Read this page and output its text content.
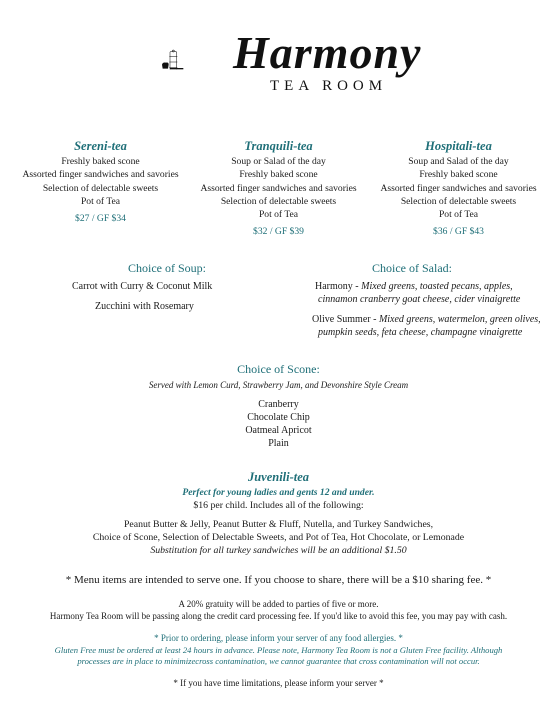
Harmony
TEA ROOM
Sereni-tea
Freshly baked scone
Assorted finger sandwiches and savories
Selection of delectable sweets
Pot of Tea
$27 / GF $34
Tranquili-tea
Soup or Salad of the day
Freshly baked scone
Assorted finger sandwiches and savories
Selection of delectable sweets
Pot of Tea
$32 / GF $39
Hospitali-tea
Soup and Salad of the day
Freshly baked scone
Assorted finger sandwiches and savories
Selection of delectable sweets
Pot of Tea
$36 / GF $43
Choice of Soup:
Carrot with Curry & Coconut Milk
Zucchini with Rosemary
Choice of Salad:
Harmony - Mixed greens, toasted pecans, apples,
cinnamon cranberry goat cheese, cider vinaigrette
Olive Summer - Mixed greens, watermelon, green olives,
pumpkin seeds, feta cheese, champagne vinaigrette
Choice of Scone:
Served with Lemon Curd, Strawberry Jam, and Devonshire Style Cream
Cranberry
Chocolate Chip
Oatmeal Apricot
Plain
Juvenili-tea
Perfect for young ladies and gents 12 and under.
$16 per child. Includes all of the following:
Peanut Butter & Jelly, Peanut Butter & Fluff, Nutella, and Turkey Sandwiches,
Choice of Scone, Selection of Delectable Sweets, and Pot of Tea, Hot Chocolate, or Lemonade
Substitution for all turkey sandwiches will be an additional $1.50
* Menu items are intended to serve one. If you choose to share, there will be a $10 sharing fee. *
A 20% gratuity will be added to parties of five or more.
Harmony Tea Room will be passing along the credit card processing fee. If you'd like to avoid this fee, you may pay with cash.
* Prior to ordering, please inform your server of any food allergies. *
Gluten Free must be ordered at least 24 hours in advance. Please note, Harmony Tea Room is not a Gluten Free facility. Although
processes are in place to minimizecross contamination, we cannot guarantee that cross contamination will not occur.
* If you have time limitations, please inform your server *
